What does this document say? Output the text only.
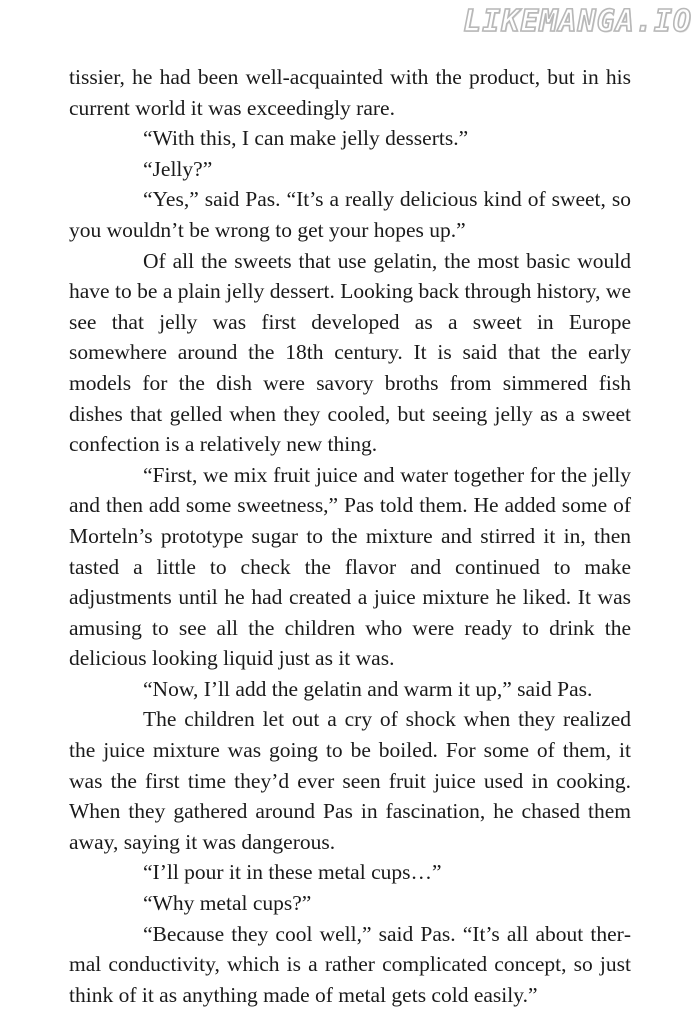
LIKEMANGA.IO

tissier, he had been well-acquainted with the product, but in his current world it was exceedingly rare.

“With this, I can make jelly desserts.”

“Jelly?”

“Yes,” said Pas. “It’s a really delicious kind of sweet, so you wouldn’t be wrong to get your hopes up.”

Of all the sweets that use gelatin, the most basic would have to be a plain jelly dessert. Looking back through history, we see that jelly was first developed as a sweet in Europe somewhere around the 18th century. It is said that the early models for the dish were savory broths from simmered fish dishes that gelled when they cooled, but seeing jelly as a sweet confection is a relatively new thing.

“First, we mix fruit juice and water together for the jelly and then add some sweetness,” Pas told them. He added some of Morteln’s prototype sugar to the mixture and stirred it in, then tasted a little to check the flavor and continued to make adjustments until he had created a juice mixture he liked. It was amusing to see all the children who were ready to drink the delicious looking liquid just as it was.

“Now, I’ll add the gelatin and warm it up,” said Pas.

The children let out a cry of shock when they realized the juice mixture was going to be boiled. For some of them, it was the first time they’d ever seen fruit juice used in cooking. When they gathered around Pas in fascination, he chased them away, saying it was dangerous.

“I’ll pour it in these metal cups…”

“Why metal cups?”

“Because they cool well,” said Pas. “It’s all about thermal conductivity, which is a rather complicated concept, so just think of it as anything made of metal gets cold easily.”
